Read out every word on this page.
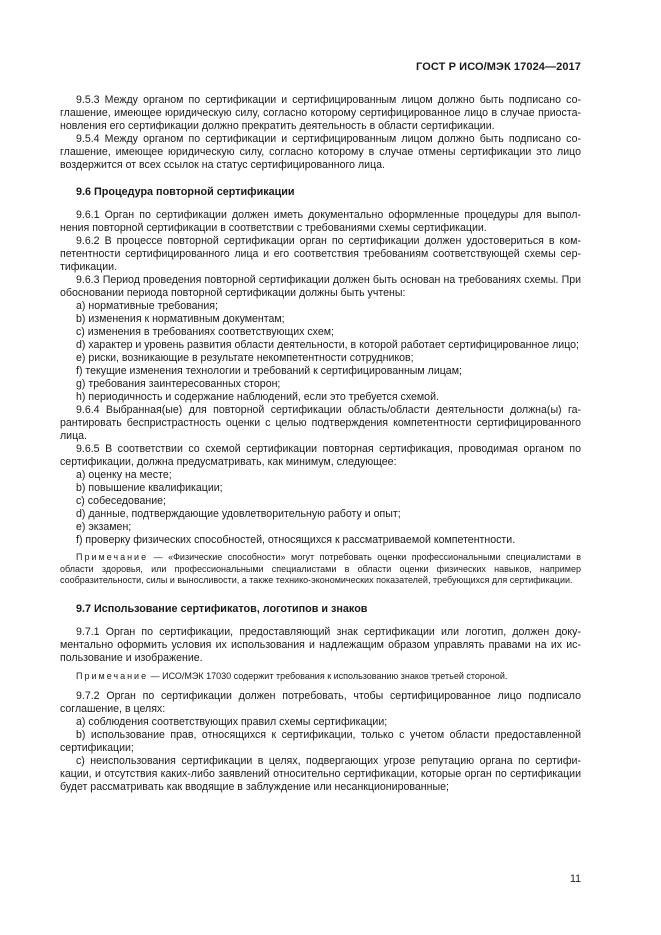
ГОСТ Р ИСО/МЭК 17024—2017

9.5.3 Между органом по сертификации и сертифицированным лицом должно быть подписано соглашение, имеющее юридическую силу, согласно которому сертифицированное лицо в случае приостановления его сертификации должно прекратить деятельность в области сертификации.

9.5.4 Между органом по сертификации и сертифицированным лицом должно быть подписано соглашение, имеющее юридическую силу, согласно которому в случае отмены сертификации это лицо воздержится от всех ссылок на статус сертифицированного лица.

9.6 Процедура повторной сертификации

9.6.1 Орган по сертификации должен иметь документально оформленные процедуры для выполнения повторной сертификации в соответствии с требованиями схемы сертификации.

9.6.2 В процессе повторной сертификации орган по сертификации должен удостовериться в компетентности сертифицированного лица и его соответствия требованиям соответствующей схемы сертификации.

9.6.3 Период проведения повторной сертификации должен быть основан на требованиях схемы. При обосновании периода повторной сертификации должны быть учтены:

a) нормативные требования;

b) изменения к нормативным документам;

c) изменения в требованиях соответствующих схем;

d) характер и уровень развития области деятельности, в которой работает сертифицированное лицо;

e) риски, возникающие в результате некомпетентности сотрудников;

f) текущие изменения технологии и требований к сертифицированным лицам;

g) требования заинтересованных сторон;

h) периодичность и содержание наблюдений, если это требуется схемой.

9.6.4 Выбранная(ые) для повторной сертификации область/области деятельности должна(ы) гарантировать беспристрастность оценки с целью подтверждения компетентности сертифицированного лица.

9.6.5 В соответствии со схемой сертификации повторная сертификация, проводимая органом по сертификации, должна предусматривать, как минимум, следующее:

a) оценку на месте;

b) повышение квалификации;

c) собеседование;

d) данные, подтверждающие удовлетворительную работу и опыт;

e) экзамен;

f) проверку физических способностей, относящихся к рассматриваемой компетентности.

Примечание — «Физические способности» могут потребовать оценки профессиональными специалистами в области здоровья, или профессиональными специалистами в области оценки физических навыков, например сообразительности, силы и выносливости, а также технико-экономических показателей, требующихся для сертификации.

9.7 Использование сертификатов, логотипов и знаков

9.7.1 Орган по сертификации, предоставляющий знак сертификации или логотип, должен документально оформить условия их использования и надлежащим образом управлять правами на их использование и изображение.

Примечание — ИСО/МЭК 17030 содержит требования к использованию знаков третьей стороной.

9.7.2 Орган по сертификации должен потребовать, чтобы сертифицированное лицо подписало соглашение, в целях:

a) соблюдения соответствующих правил схемы сертификации;

b) использование прав, относящихся к сертификации, только с учетом области предоставленной сертификации;

c) неиспользования сертификации в целях, подвергающих угрозе репутацию органа по сертификации, и отсутствия каких-либо заявлений относительно сертификации, которые орган по сертификации будет рассматривать как вводящие в заблуждение или несанкционированные;

11
